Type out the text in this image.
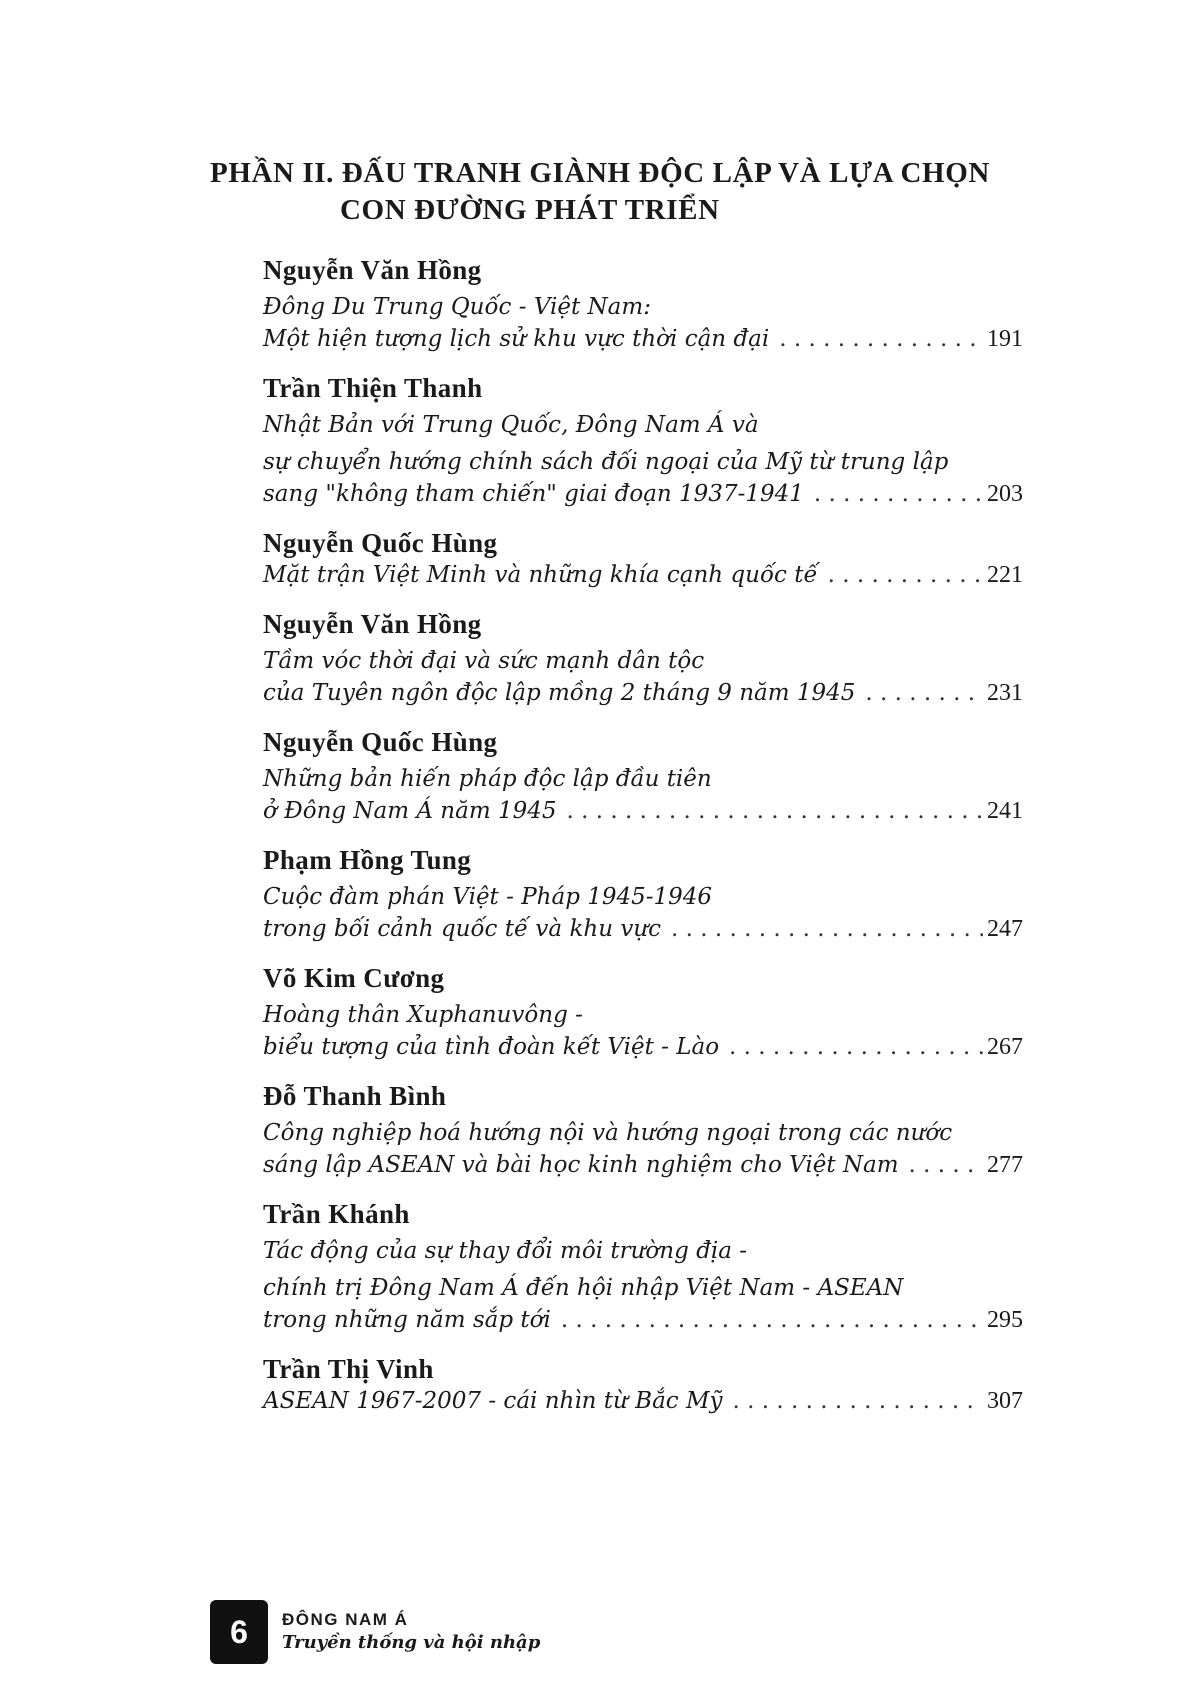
PHẦN II. ĐẤU TRANH GIÀNH ĐỘC LẬP VÀ LỰA CHỌN
CON ĐƯỜNG PHÁT TRIỂN
Nguyễn Văn Hồng
Đông Du Trung Quốc - Việt Nam:
Một hiện tượng lịch sử khu vực thời cận đại . . .	191
Trần Thiện Thanh
Nhật Bản với Trung Quốc, Đông Nam Á và
sự chuyển hướng chính sách đối ngoại của Mỹ từ trung lập
sang "không tham chiến" giai đoạn 1937-1941 . . .	203
Nguyễn Quốc Hùng
Mặt trận Việt Minh và những khía cạnh quốc tế . . .	221
Nguyễn Văn Hồng
Tầm vóc thời đại và sức mạnh dân tộc
của Tuyên ngôn độc lập mồng 2 tháng 9 năm 1945 . . .	231
Nguyễn Quốc Hùng
Những bản hiến pháp độc lập đầu tiên
ở Đông Nam Á năm 1945 . . .	241
Phạm Hồng Tung
Cuộc đàm phán Việt - Pháp 1945-1946
trong bối cảnh quốc tế và khu vực . . .	247
Võ Kim Cương
Hoàng thân Xuphanuvông -
biểu tượng của tình đoàn kết Việt - Lào . . .	267
Đỗ Thanh Bình
Công nghiệp hoá hướng nội và hướng ngoại trong các nước
sáng lập ASEAN và bài học kinh nghiệm cho Việt Nam . . .	277
Trần Khánh
Tác động của sự thay đổi môi trường địa -
chính trị Đông Nam Á đến hội nhập Việt Nam - ASEAN
trong những năm sắp tới . . .	295
Trần Thị Vinh
ASEAN 1967-2007 - cái nhìn từ Bắc Mỹ . . .	307
6 ĐÔNG NAM Á
Truyền thống và hội nhập
